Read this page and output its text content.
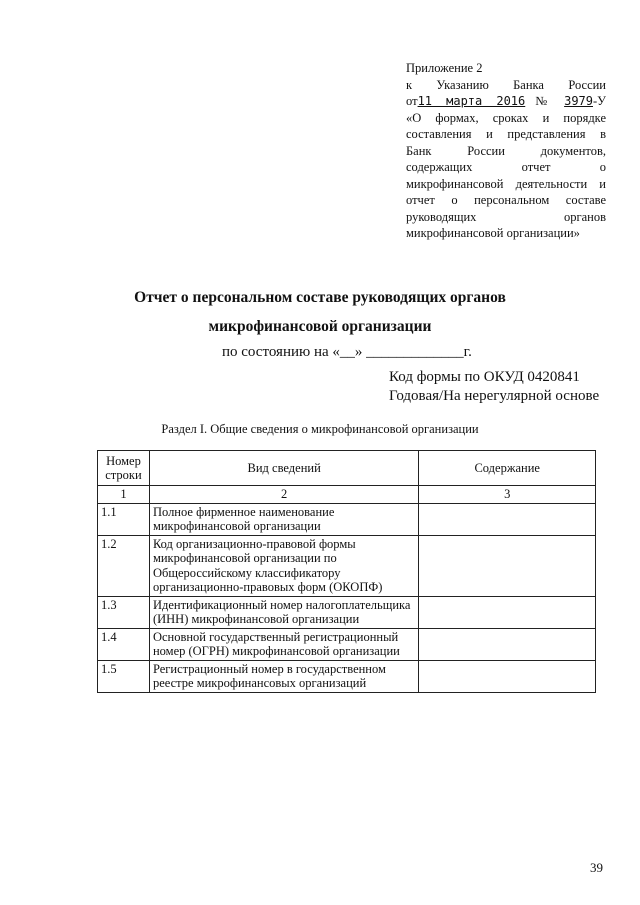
Приложение 2
к Указанию Банка России
от11 марта 2016 № 3979-У
«О формах, сроках и порядке
составления и представления в
Банк России документов,
содержащих отчет о
микрофинансовой деятельности и
отчет о персональном составе
руководящих органов
микрофинансовой организации»
Отчет о персональном составе руководящих органов
микрофинансовой организации
по состоянию на «__» _____________г.
Код формы по ОКУД 0420841
Годовая/На нерегулярной основе
Раздел I. Общие сведения о микрофинансовой организации
Номер строки	Вид сведений	Содержание
1	2	3
1.1	Полное фирменное наименование микрофинансовой организации	
1.2	Код организационно-правовой формы микрофинансовой организации по Общероссийскому классификатору организационно-правовых форм (ОКОПФ)	
1.3	Идентификационный номер налогоплательщика (ИНН) микрофинансовой организации	
1.4	Основной государственный регистрационный номер (ОГРН) микрофинансовой организации	
1.5	Регистрационный номер в государственном реестре микрофинансовых организаций	
39
